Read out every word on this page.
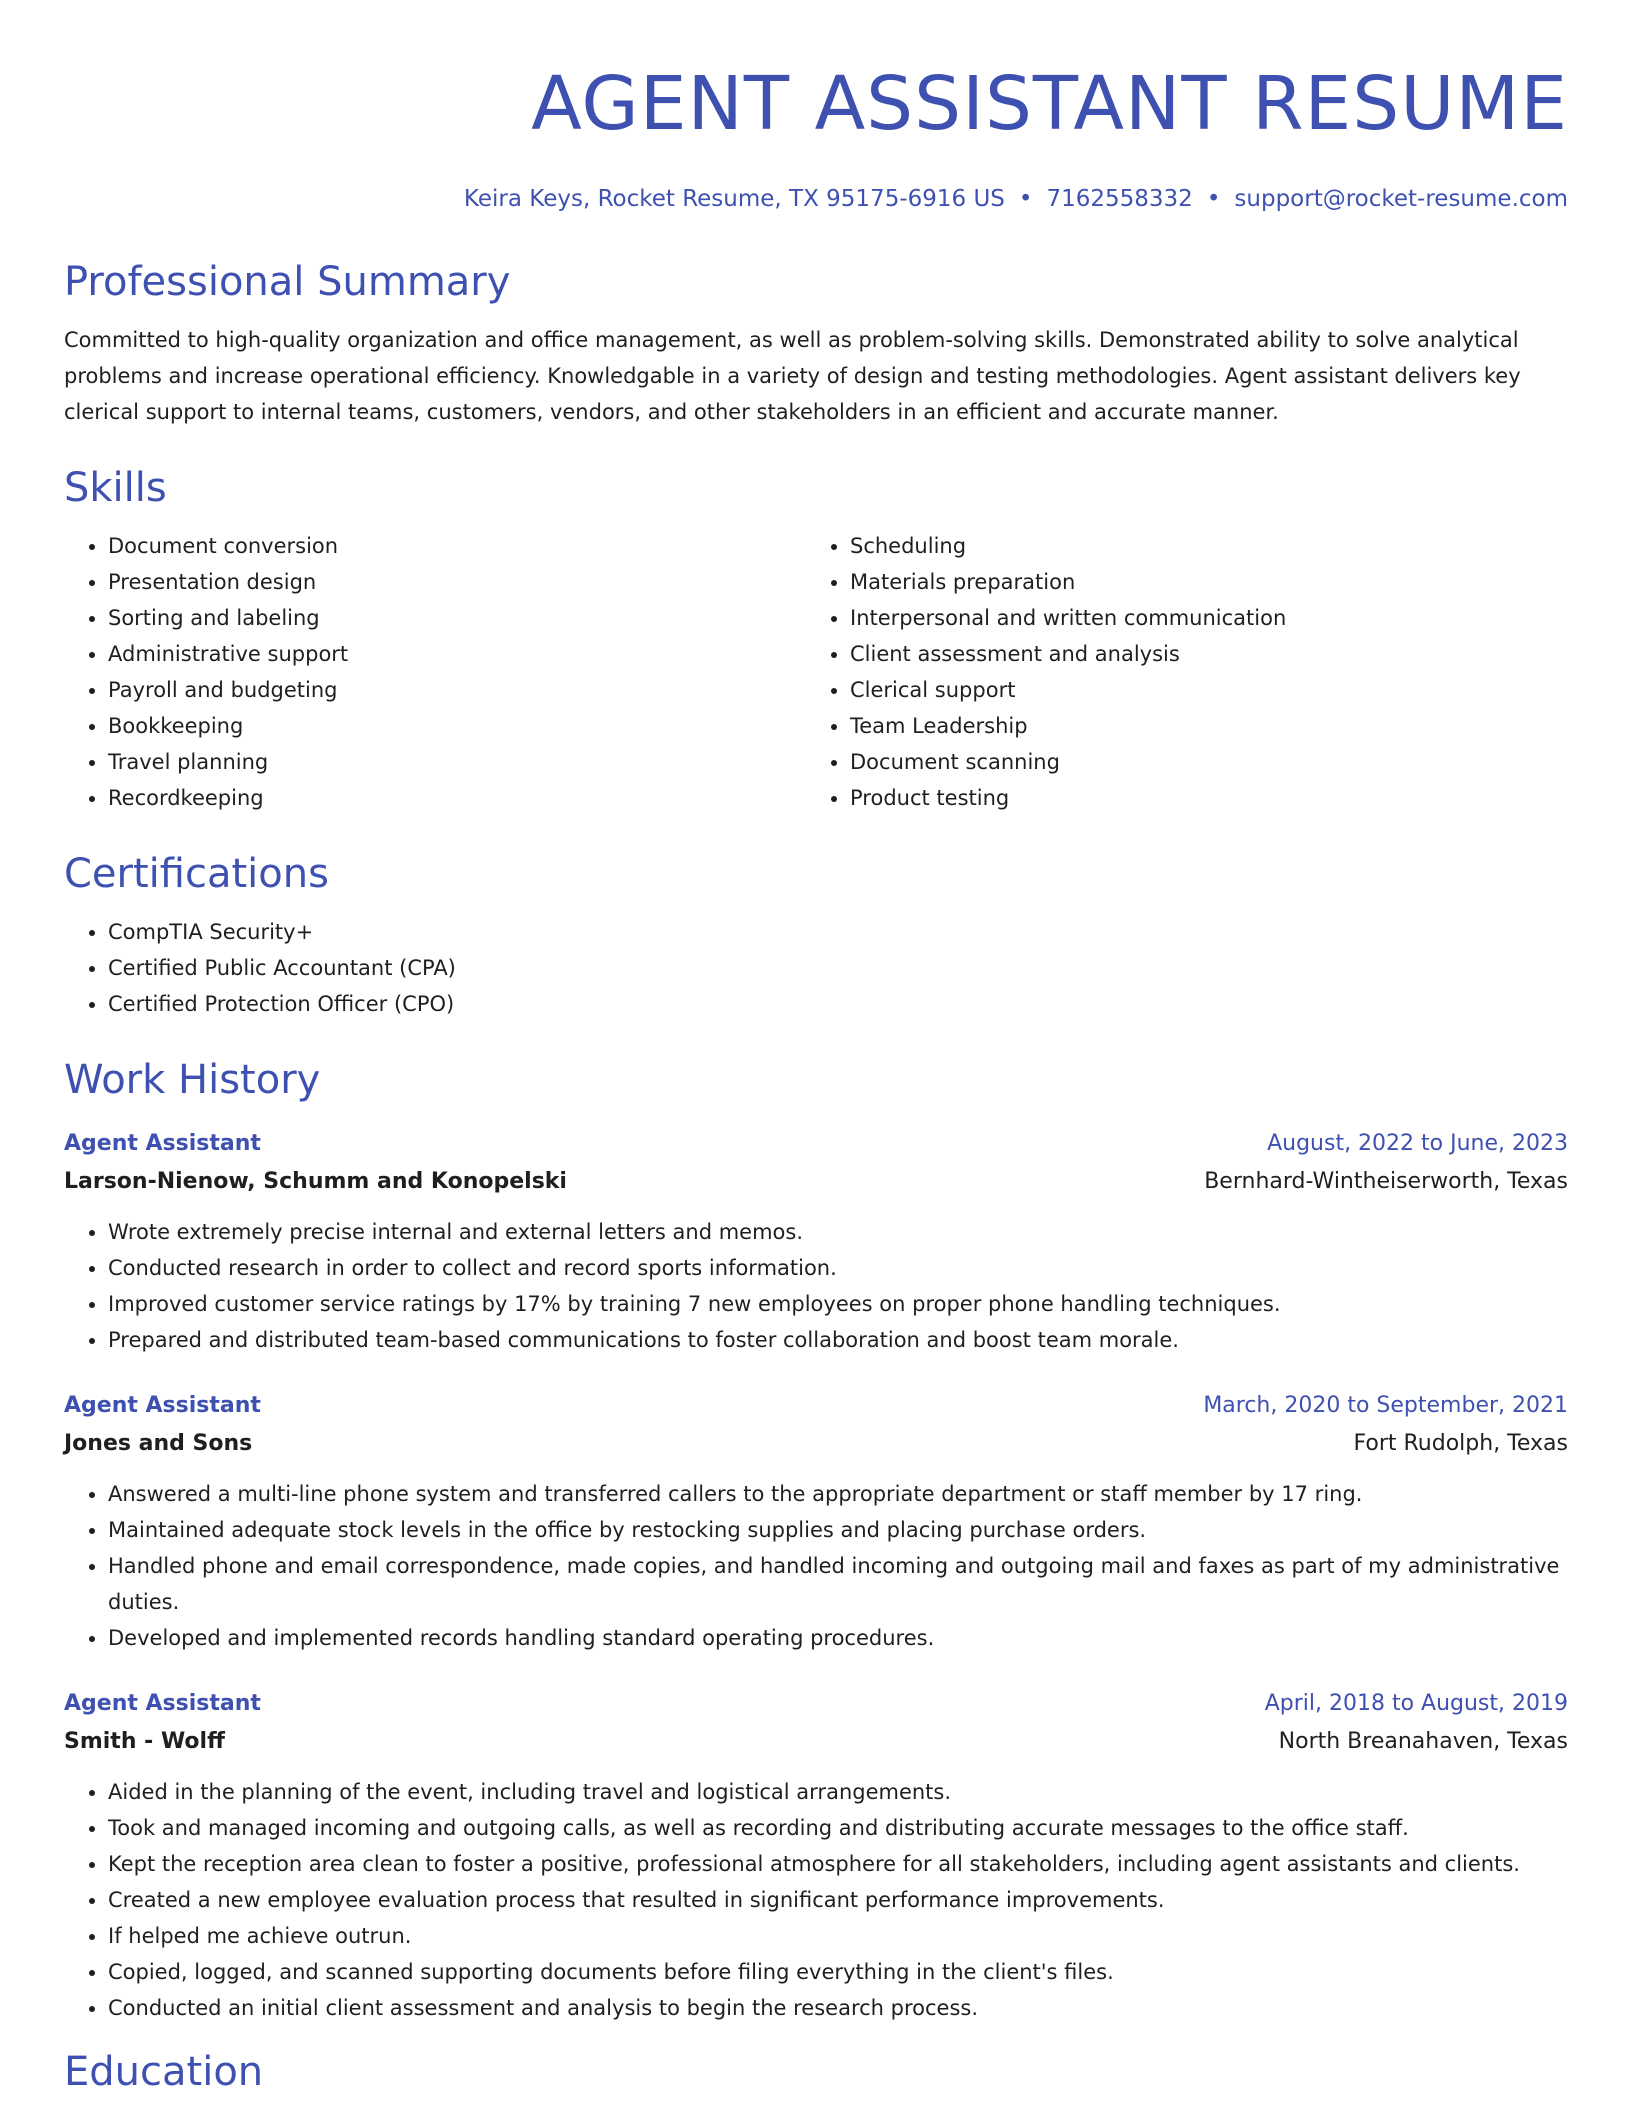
AGENT ASSISTANT RESUME
Keira Keys, Rocket Resume, TX 95175-6916 US • 7162558332 • support@rocket-resume.com
Professional Summary

Committed to high-quality organization and office management, as well as problem-solving skills. Demonstrated ability to solve analytical problems and increase operational efficiency. Knowledgable in a variety of design and testing methodologies. Agent assistant delivers key clerical support to internal teams, customers, vendors, and other stakeholders in an efficient and accurate manner.

Skills
• Document conversion
• Presentation design
• Sorting and labeling
• Administrative support
• Payroll and budgeting
• Bookkeeping
• Travel planning
• Recordkeeping
• Scheduling
• Materials preparation
• Interpersonal and written communication
• Client assessment and analysis
• Clerical support
• Team Leadership
• Document scanning
• Product testing
Certifications
• CompTIA Security+
• Certified Public Accountant (CPA)
• Certified Protection Officer (CPO)
Work History
Agent Assistant	August, 2022 to June, 2023
Larson-Nienow, Schumm and Konopelski	Bernhard-Wintheiserworth, Texas
• Wrote extremely precise internal and external letters and memos.
• Conducted research in order to collect and record sports information.
• Improved customer service ratings by 17% by training 7 new employees on proper phone handling techniques.
• Prepared and distributed team-based communications to foster collaboration and boost team morale.
Agent Assistant	March, 2020 to September, 2021
Jones and Sons	Fort Rudolph, Texas
• Answered a multi-line phone system and transferred callers to the appropriate department or staff member by 17 ring.
• Maintained adequate stock levels in the office by restocking supplies and placing purchase orders.
• Handled phone and email correspondence, made copies, and handled incoming and outgoing mail and faxes as part of my administrative duties.
• Developed and implemented records handling standard operating procedures.
Agent Assistant	April, 2018 to August, 2019
Smith - Wolff	North Breanahaven, Texas
• Aided in the planning of the event, including travel and logistical arrangements.
• Took and managed incoming and outgoing calls, as well as recording and distributing accurate messages to the office staff.
• Kept the reception area clean to foster a positive, professional atmosphere for all stakeholders, including agent assistants and clients.
• Created a new employee evaluation process that resulted in significant performance improvements.
• If helped me achieve outrun.
• Copied, logged, and scanned supporting documents before filing everything in the client's files.
• Conducted an initial client assessment and analysis to begin the research process.
Education
